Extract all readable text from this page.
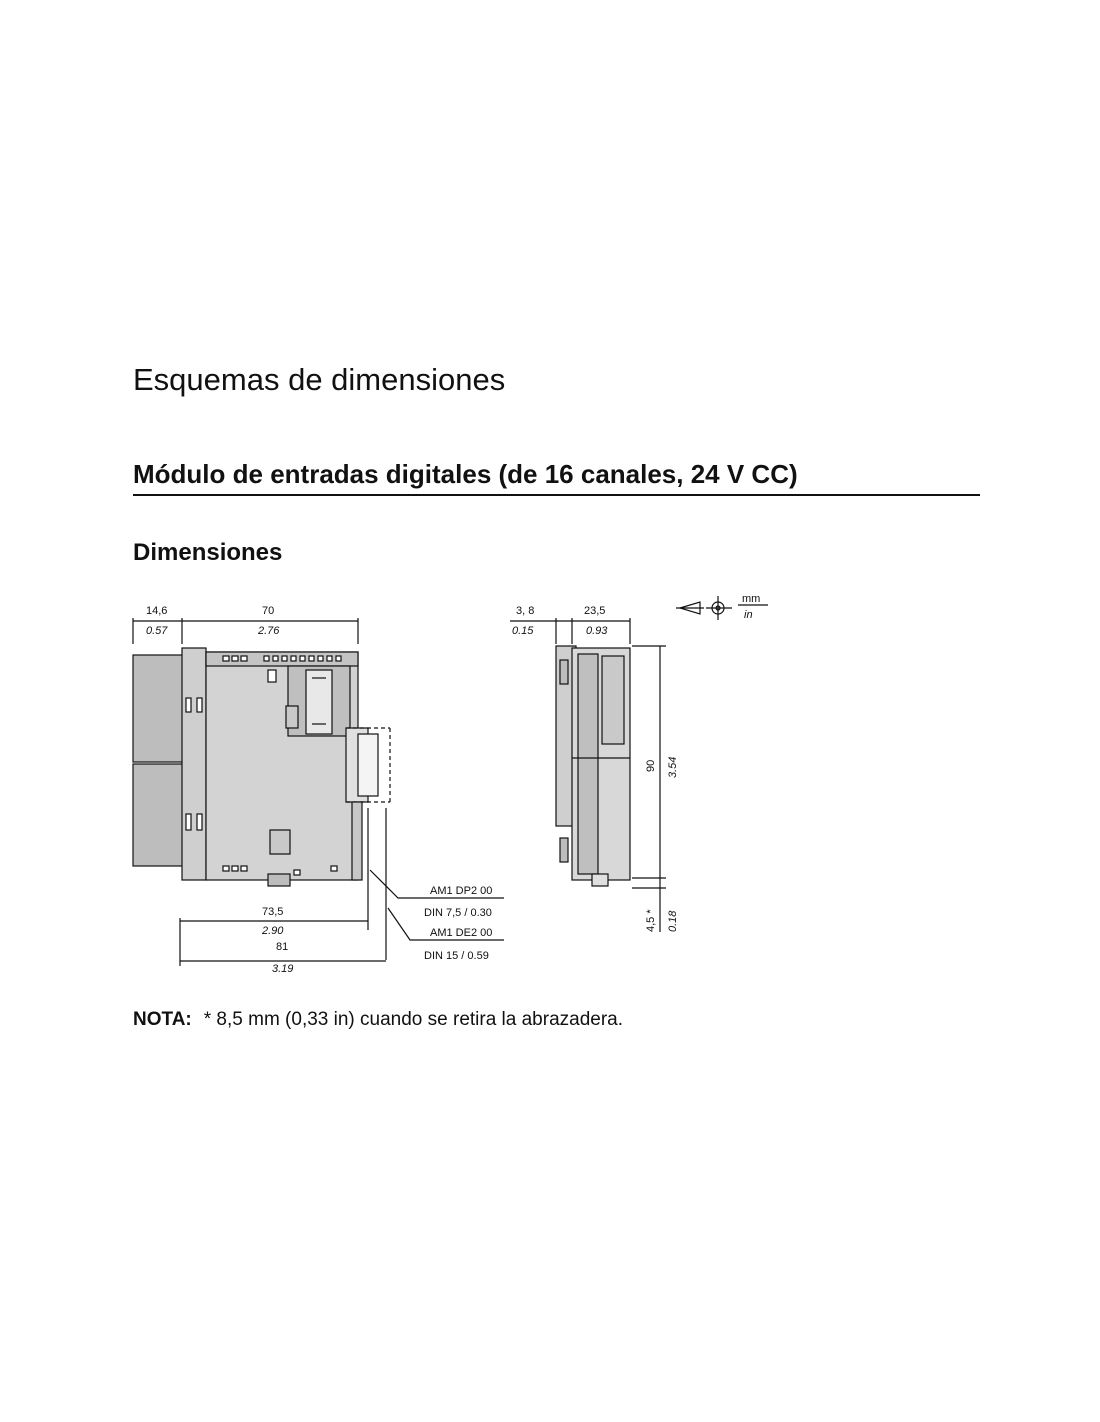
Esquemas de dimensiones
Módulo de entradas digitales (de 16 canales, 24 V CC)
Dimensiones
14,6
0.57
70
2.76
73,5
2.90
81
3.19
AM1 DP2 00
DIN 7,5 / 0.30
AM1 DE2 00
DIN 15 / 0.59
3, 8
0.15
23,5
0.93
90 3.54
4,5 * 0.18
mm
in
NOTA: * 8,5 mm (0,33 in) cuando se retira la abrazadera.
